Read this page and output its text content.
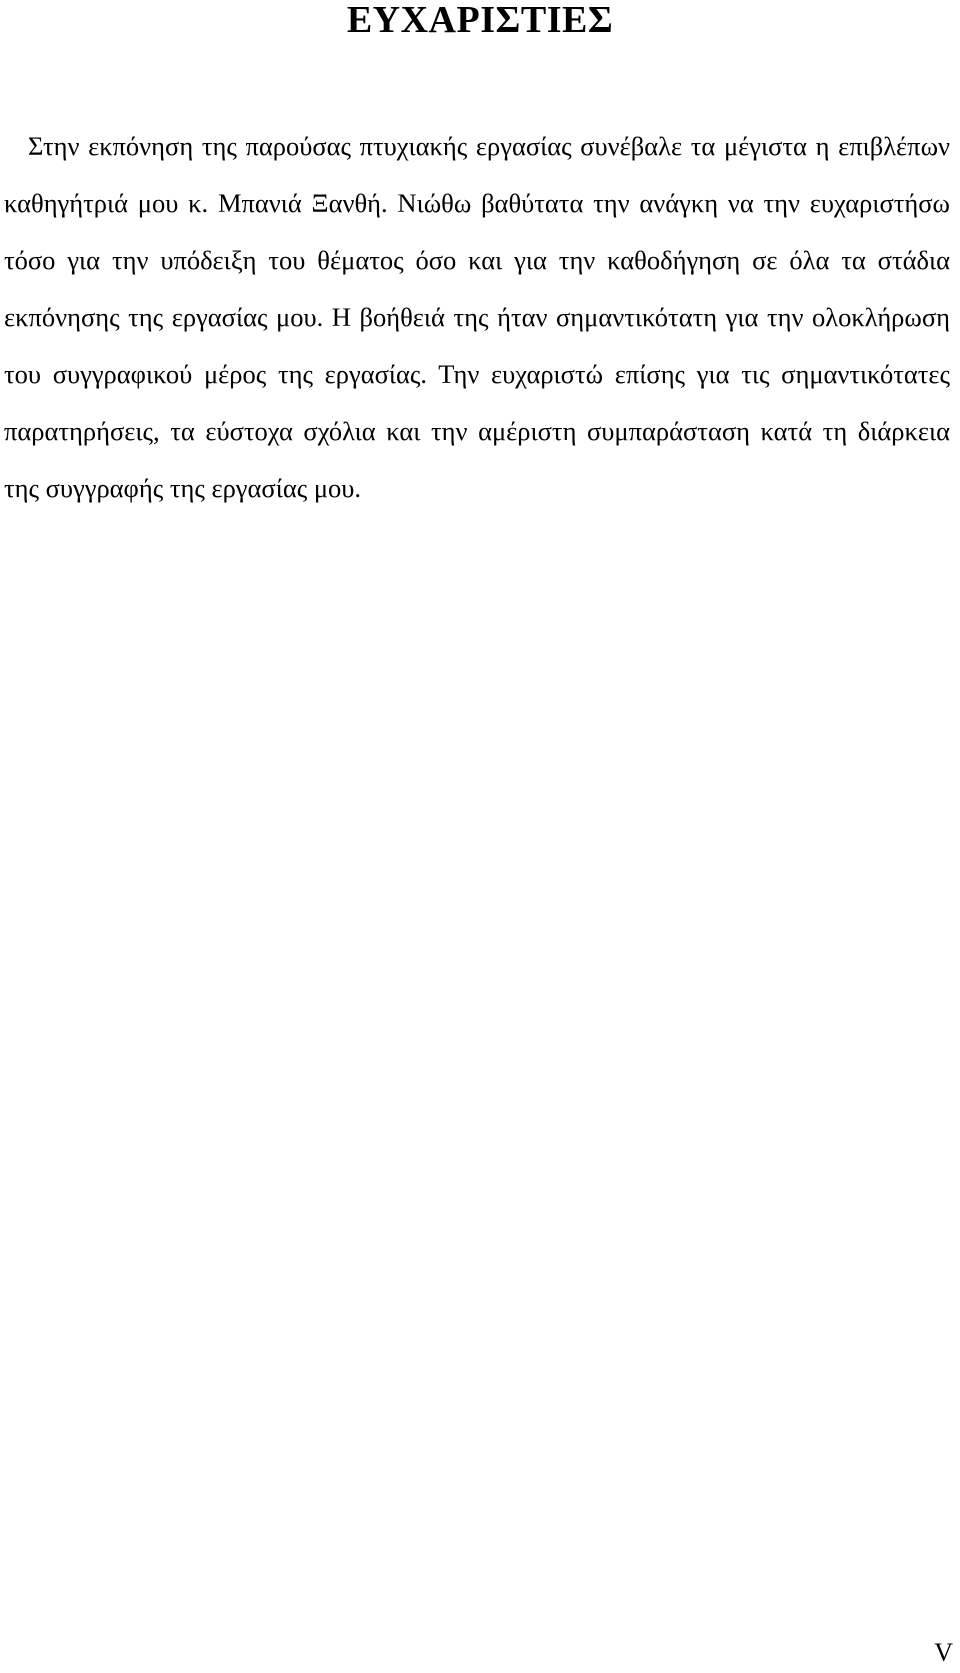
ΕΥΧΑΡΙΣΤΙΕΣ

Στην εκπόνηση της παρούσας πτυχιακής εργασίας συνέβαλε τα μέγιστα η επιβλέπων καθηγήτριά μου κ. Μπανιά Ξανθή. Νιώθω βαθύτατα την ανάγκη να την ευχαριστήσω τόσο για την υπόδειξη του θέματος όσο και για την καθοδήγηση σε όλα τα στάδια εκπόνησης της εργασίας μου. Η βοήθειά της ήταν σημαντικότατη για την ολοκλήρωση του συγγραφικού μέρος της εργασίας. Την ευχαριστώ επίσης για τις σημαντικότατες παρατηρήσεις, τα εύστοχα σχόλια και την αμέριστη συμπαράσταση κατά τη διάρκεια της συγγραφής της εργασίας μου.

V
